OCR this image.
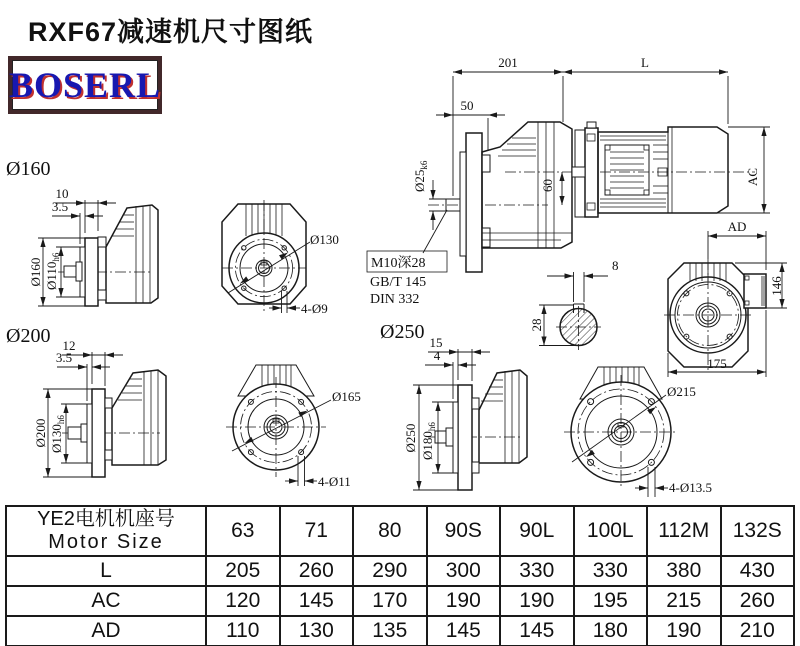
RXF67减速机尺寸图纸
BOSERL
Ø160
Ø200	Ø250
201	L
50
$Ø25_{k6}$
60	AC
M10深28
GB/T 145
DIN 332
10
3.5
Ø160 $Ø110_{h6}$
Ø130
4-Ø9
8
28
AD
146
175
12
3.5
Ø200 $Ø130_{h6}$
Ø165
4-Ø11
15
4
Ø250 $Ø180_{h6}$
Ø215
4-Ø13.5
YE2电机机座号
Motor Size	63	71	80	90S	90L	100L	112M	132S
L	205	260	290	300	330	330	380	430
AC	120	145	170	190	190	195	215	260
AD	110	130	135	145	145	180	190	210
